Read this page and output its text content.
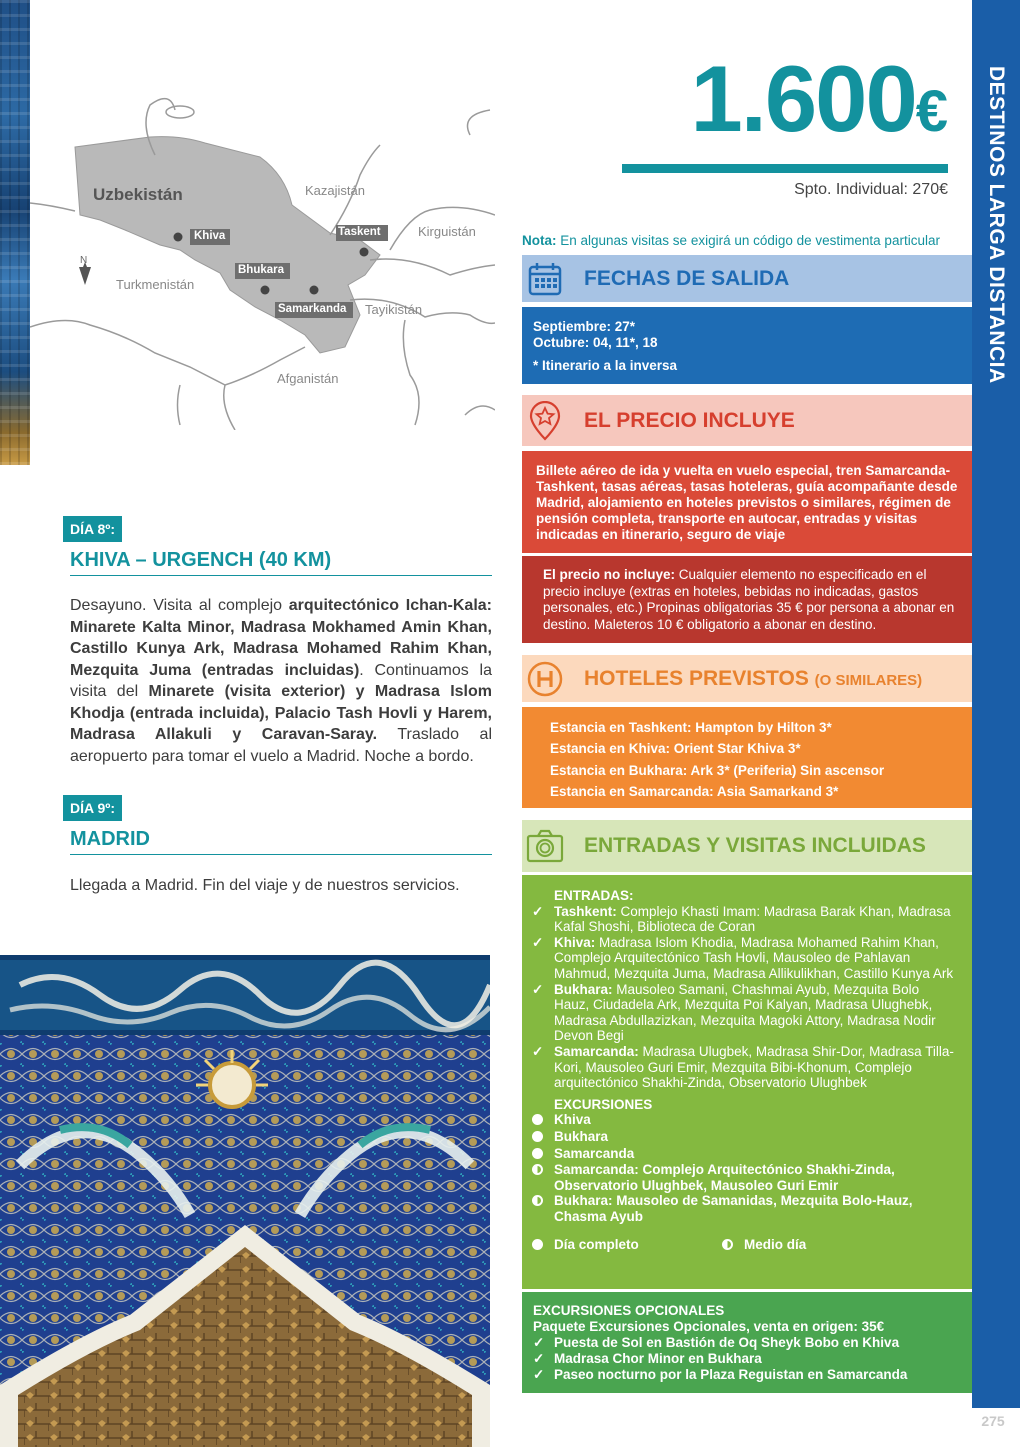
Uzbekistán	Kazajistán
Kirguistán
Turkmenistán
Tayikistán
Afganistán
N
Khiva	Taskent
Bhukara
Samarkanda	DESTINOS LARGA DISTANCIA
275
1.600€
Spto. Individual: 270€
Nota: En algunas visitas se exigirá un código de vestimenta particular
FECHAS DE SALIDA
Septiembre: 27*
Octubre: 04, 11*, 18
* Itinerario a la inversa
EL PRECIO INCLUYE
Billete aéreo de ida y vuelta en vuelo especial, tren Samarcanda-Tashkent, tasas aéreas, tasas hoteleras, guía acompañante desde Madrid, alojamiento en hoteles previstos o similares, régimen de pensión completa, transporte en autocar, entradas y visitas indicadas en itinerario, seguro de viaje
El precio no incluye: Cualquier elemento no especificado en el precio incluye (extras en hoteles, bebidas no indicadas, gastos personales, etc.) Propinas obligatorias 35 € por persona a abonar en destino. Maleteros 10 € obligatorio a abonar en destino.
HOTELES PREVISTOS (O SIMILARES)
Estancia en Tashkent: Hampton by Hilton 3*
Estancia en Khiva: Orient Star Khiva 3*
Estancia en Bukhara: Ark 3* (Periferia) Sin ascensor
Estancia en Samarcanda: Asia Samarkand 3*
ENTRADAS Y VISITAS INCLUIDAS
ENTRADAS:
✓ Tashkent: Complejo Khasti Imam: Madrasa Barak Khan, Madrasa Kafal Shoshi, Biblioteca de Coran
✓ Khiva: Madrasa Islom Khodia, Madrasa Mohamed Rahim Khan, Complejo Arquitectónico Tash Hovli, Mausoleo de Pahlavan Mahmud, Mezquita Juma, Madrasa Allikulikhan, Castillo Kunya Ark
✓ Bukhara: Mausoleo Samani, Chashmai Ayub, Mezquita Bolo Hauz, Ciudadela Ark, Mezquita Poi Kalyan, Madrasa Ulughebk, Madrasa Abdullazizkan, Mezquita Magoki Attory, Madrasa Nodir Devon Begi
✓ Samarcanda: Madrasa Ulugbek, Madrasa Shir-Dor, Madrasa Tilla-Kori, Mausoleo Guri Emir, Mezquita Bibi-Khonum, Complejo arquitectónico Shakhi-Zinda, Observatorio Ulughbek
EXCURSIONES
Khiva
Bukhara
Samarcanda
Samarcanda: Complejo Arquitectónico Shakhi-Zinda, Observatorio Ulughbek, Mausoleo Guri Emir
Bukhara: Mausoleo de Samanidas, Mezquita Bolo-Hauz, Chasma Ayub
Día completo	Medio día
EXCURSIONES OPCIONALES
Paquete Excursiones Opcionales, venta en origen: 35€
✓ Puesta de Sol en Bastión de Oq Sheyk Bobo en Khiva
✓ Madrasa Chor Minor en Bukhara
✓ Paseo nocturno por la Plaza Reguistan en Samarcanda
DÍA 8º:
KHIVA – URGENCH (40 KM)
Desayuno. Visita al complejo arquitectónico Ichan-Kala: Minarete Kalta Minor, Madrasa Mokhamed Amin Khan, Castillo Kunya Ark, Madrasa Mohamed Rahim Khan, Mezquita Juma (entradas incluidas). Continuamos la visita del Minarete (visita exterior) y Madrasa Islom Khodja (entrada incluida), Palacio Tash Hovli y Harem, Madrasa Allakuli y Caravan-Saray. Traslado al aeropuerto para tomar el vuelo a Madrid. Noche a bordo.
DÍA 9º:
MADRID
Llegada a Madrid. Fin del viaje y de nuestros servicios.
